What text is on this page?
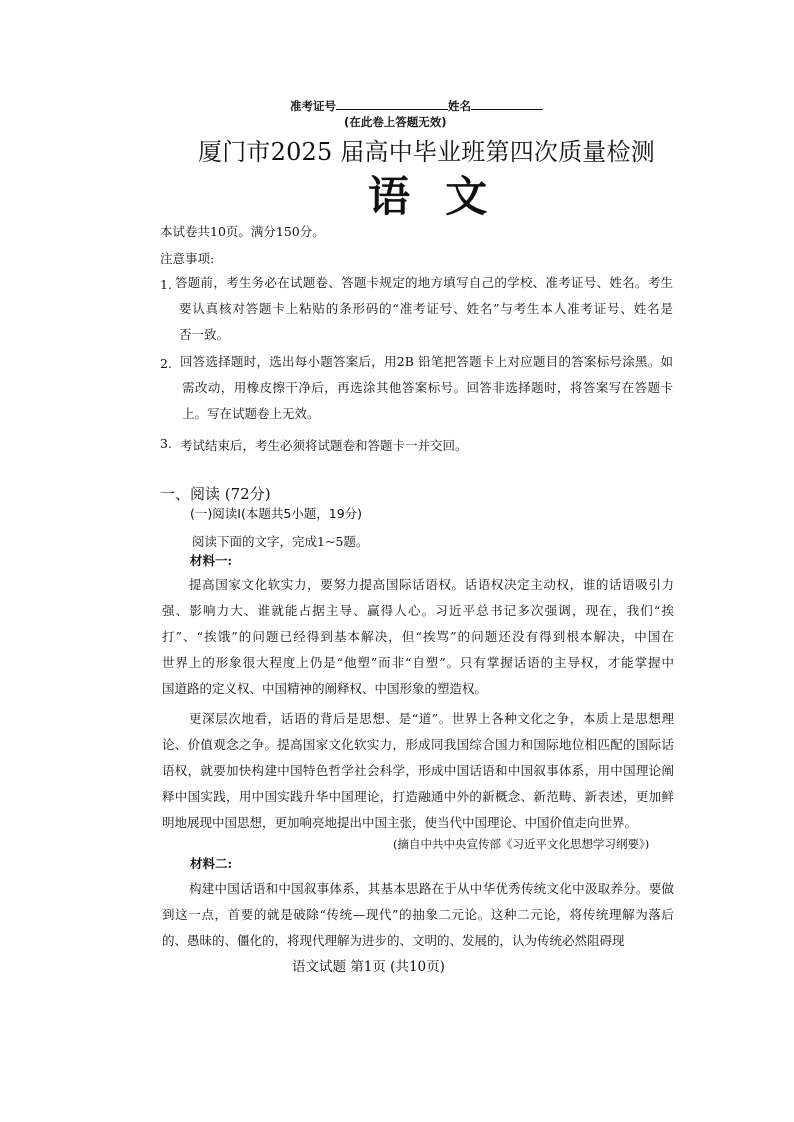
准考证号	姓名
(在此卷上答题无效)
厦门市2025 届高中毕业班第四次质量检测
语  文
本试卷共10页。满分150分。
注意事项:
1. 答题前，考生务必在试题卷、答题卡规定的地方填写自己的学校、准考证号、姓名。考生
要认真核对答题卡上粘贴的条形码的“准考证号、姓名”与考生本人准考证号、姓名是
否一致。
2. 回答选择题时，选出每小题答案后，用2B 铅笔把答题卡上对应题目的答案标号涂黑。如
需改动，用橡皮擦干净后，再选涂其他答案标号。回答非选择题时，将答案写在答题卡
上。写在试题卷上无效。
3. 考试结束后，考生必须将试题卷和答题卡一并交回。
一、阅读 (72分)
(一)阅读Ⅰ(本题共5小题，19分)
阅读下面的文字，完成1~5题。
材料一:
提高国家文化软实力，要努力提高国际话语权。话语权决定主动权，谁的话语吸引力
强、影响力大、谁就能占据主导、赢得人心。习近平总书记多次强调，现在，我们“挨
打”、“挨饿”的问题已经得到基本解决，但“挨骂”的问题还没有得到根本解决，中国在
世界上的形象很大程度上仍是“他塑”而非“自塑”。只有掌握话语的主导权，才能掌握中
国道路的定义权、中国精神的阐释权、中国形象的塑造权。
更深层次地看，话语的背后是思想、是“道”。世界上各种文化之争，本质上是思想理
论、价值观念之争。提高国家文化软实力，形成同我国综合国力和国际地位相匹配的国际话
语权，就要加快构建中国特色哲学社会科学，形成中国话语和中国叙事体系，用中国理论阐
释中国实践，用中国实践升华中国理论，打造融通中外的新概念、新范畴、新表述，更加鲜
明地展现中国思想，更加响亮地提出中国主张，使当代中国理论、中国价值走向世界。
(摘自中共中央宣传部《习近平文化思想学习纲要》)
材料二:
构建中国话语和中国叙事体系，其基本思路在于从中华优秀传统文化中汲取养分。要做
到这一点，首要的就是破除“传统—现代”的抽象二元论。这种二元论，将传统理解为落后
的、愚昧的、僵化的，将现代理解为进步的、文明的、发展的，认为传统必然阻碍现
语文试题 第1页 (共10页)
